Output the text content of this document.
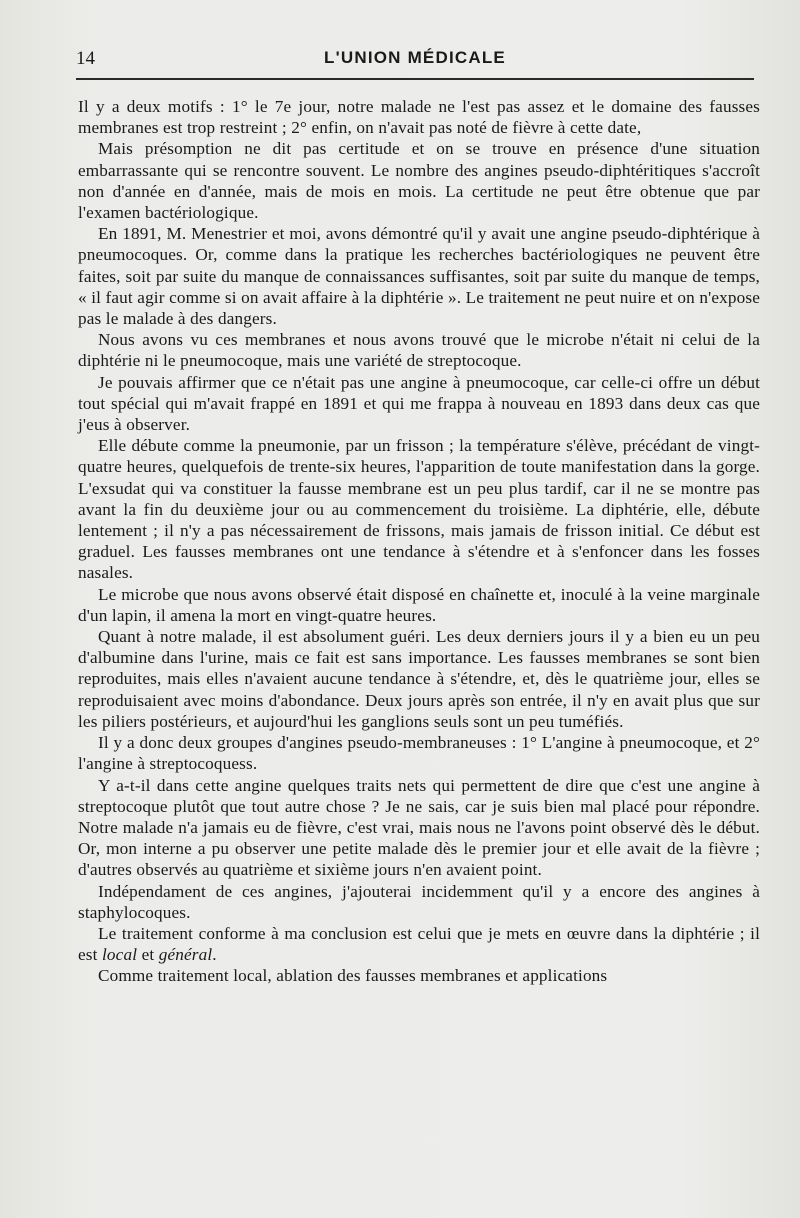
14	L'UNION MÉDICALE

Il y a deux motifs : 1° le 7e jour, notre malade ne l'est pas assez et le domaine des fausses membranes est trop restreint ; 2° enfin, on n'avait pas noté de fièvre à cette date,

Mais présomption ne dit pas certitude et on se trouve en présence d'une situation embarrassante qui se rencontre souvent. Le nombre des angines pseudo-diphtéritiques s'accroît non d'année en d'année, mais de mois en mois. La certitude ne peut être obtenue que par l'examen bactériologique.

En 1891, M. Menestrier et moi, avons démontré qu'il y avait une angine pseudo-diphtérique à pneumocoques. Or, comme dans la pratique les recherches bactériologiques ne peuvent être faites, soit par suite du manque de connaissances suffisantes, soit par suite du manque de temps, « il faut agir comme si on avait affaire à la diphtérie ». Le traitement ne peut nuire et on n'expose pas le malade à des dangers.

Nous avons vu ces membranes et nous avons trouvé que le microbe n'était ni celui de la diphtérie ni le pneumocoque, mais une variété de streptocoque.

Je pouvais affirmer que ce n'était pas une angine à pneumocoque, car celle-ci offre un début tout spécial qui m'avait frappé en 1891 et qui me frappa à nouveau en 1893 dans deux cas que j'eus à observer.

Elle débute comme la pneumonie, par un frisson ; la température s'élève, précédant de vingt-quatre heures, quelquefois de trente-six heures, l'apparition de toute manifestation dans la gorge. L'exsudat qui va constituer la fausse membrane est un peu plus tardif, car il ne se montre pas avant la fin du deuxième jour ou au commencement du troisième. La diphtérie, elle, débute lentement ; il n'y a pas nécessairement de frissons, mais jamais de frisson initial. Ce début est graduel. Les fausses membranes ont une tendance à s'étendre et à s'enfoncer dans les fosses nasales.

Le microbe que nous avons observé était disposé en chaînette et, inoculé à la veine marginale d'un lapin, il amena la mort en vingt-quatre heures.

Quant à notre malade, il est absolument guéri. Les deux derniers jours il y a bien eu un peu d'albumine dans l'urine, mais ce fait est sans importance. Les fausses membranes se sont bien reproduites, mais elles n'avaient aucune tendance à s'étendre, et, dès le quatrième jour, elles se reproduisaient avec moins d'abondance. Deux jours après son entrée, il n'y en avait plus que sur les piliers postérieurs, et aujourd'hui les ganglions seuls sont un peu tuméfiés.

Il y a donc deux groupes d'angines pseudo-membraneuses : 1° L'angine à pneumocoque, et 2° l'angine à streptocoquess.

Y a-t-il dans cette angine quelques traits nets qui permettent de dire que c'est une angine à streptocoque plutôt que tout autre chose ? Je ne sais, car je suis bien mal placé pour répondre. Notre malade n'a jamais eu de fièvre, c'est vrai, mais nous ne l'avons point observé dès le début. Or, mon interne a pu observer une petite malade dès le premier jour et elle avait de la fièvre ; d'autres observés au quatrième et sixième jours n'en avaient point.

Indépendament de ces angines, j'ajouterai incidemment qu'il y a encore des angines à staphylocoques.

Le traitement conforme à ma conclusion est celui que je mets en œuvre dans la diphtérie ; il est local et général.

Comme traitement local, ablation des fausses membranes et applications
